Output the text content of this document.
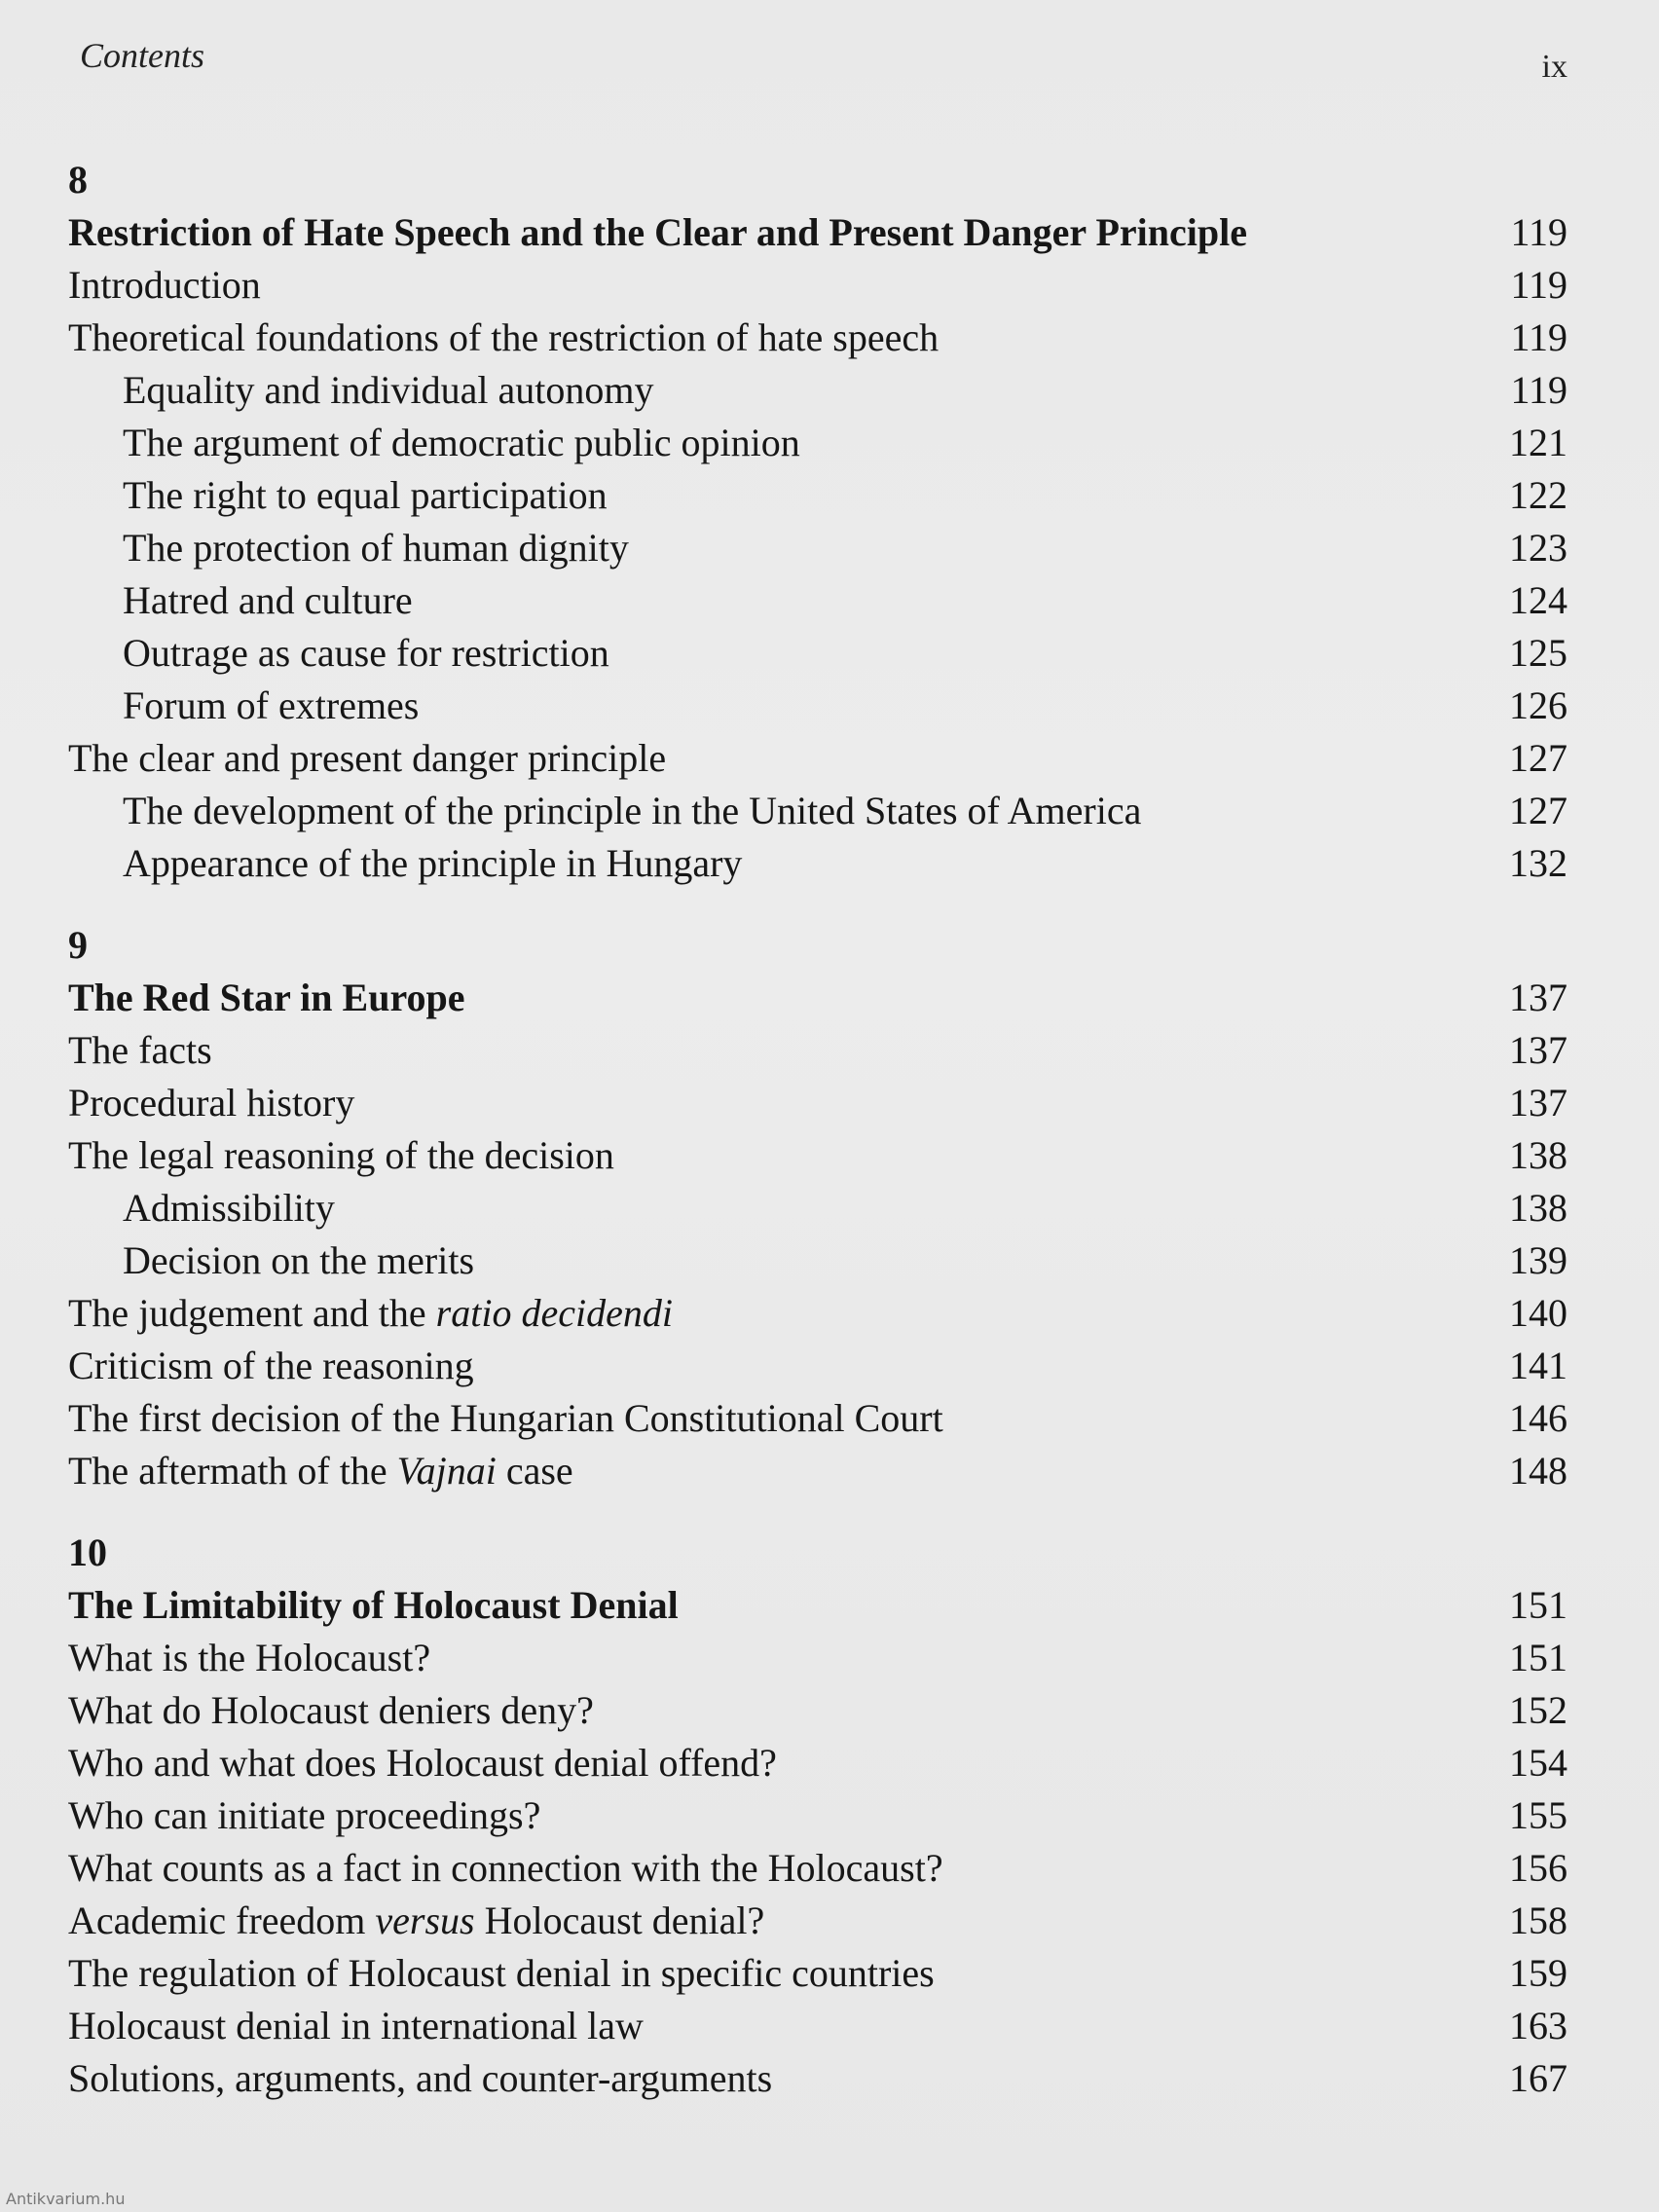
Contents	ix
8
Restriction of Hate Speech and the Clear and Present Danger Principle	119
Introduction	119
Theoretical foundations of the restriction of hate speech	119
Equality and individual autonomy	119
The argument of democratic public opinion	121
The right to equal participation	122
The protection of human dignity	123
Hatred and culture	124
Outrage as cause for restriction	125
Forum of extremes	126
The clear and present danger principle	127
The development of the principle in the United States of America	127
Appearance of the principle in Hungary	132
9
The Red Star in Europe	137
The facts	137
Procedural history	137
The legal reasoning of the decision	138
Admissibility	138
Decision on the merits	139
The judgement and the ratio decidendi	140
Criticism of the reasoning	141
The first decision of the Hungarian Constitutional Court	146
The aftermath of the Vajnai case	148
10
The Limitability of Holocaust Denial	151
What is the Holocaust?	151
What do Holocaust deniers deny?	152
Who and what does Holocaust denial offend?	154
Who can initiate proceedings?	155
What counts as a fact in connection with the Holocaust?	156
Academic freedom versus Holocaust denial?	158
The regulation of Holocaust denial in specific countries	159
Holocaust denial in international law	163
Solutions, arguments, and counter-arguments	167
Antikvarium.hu
